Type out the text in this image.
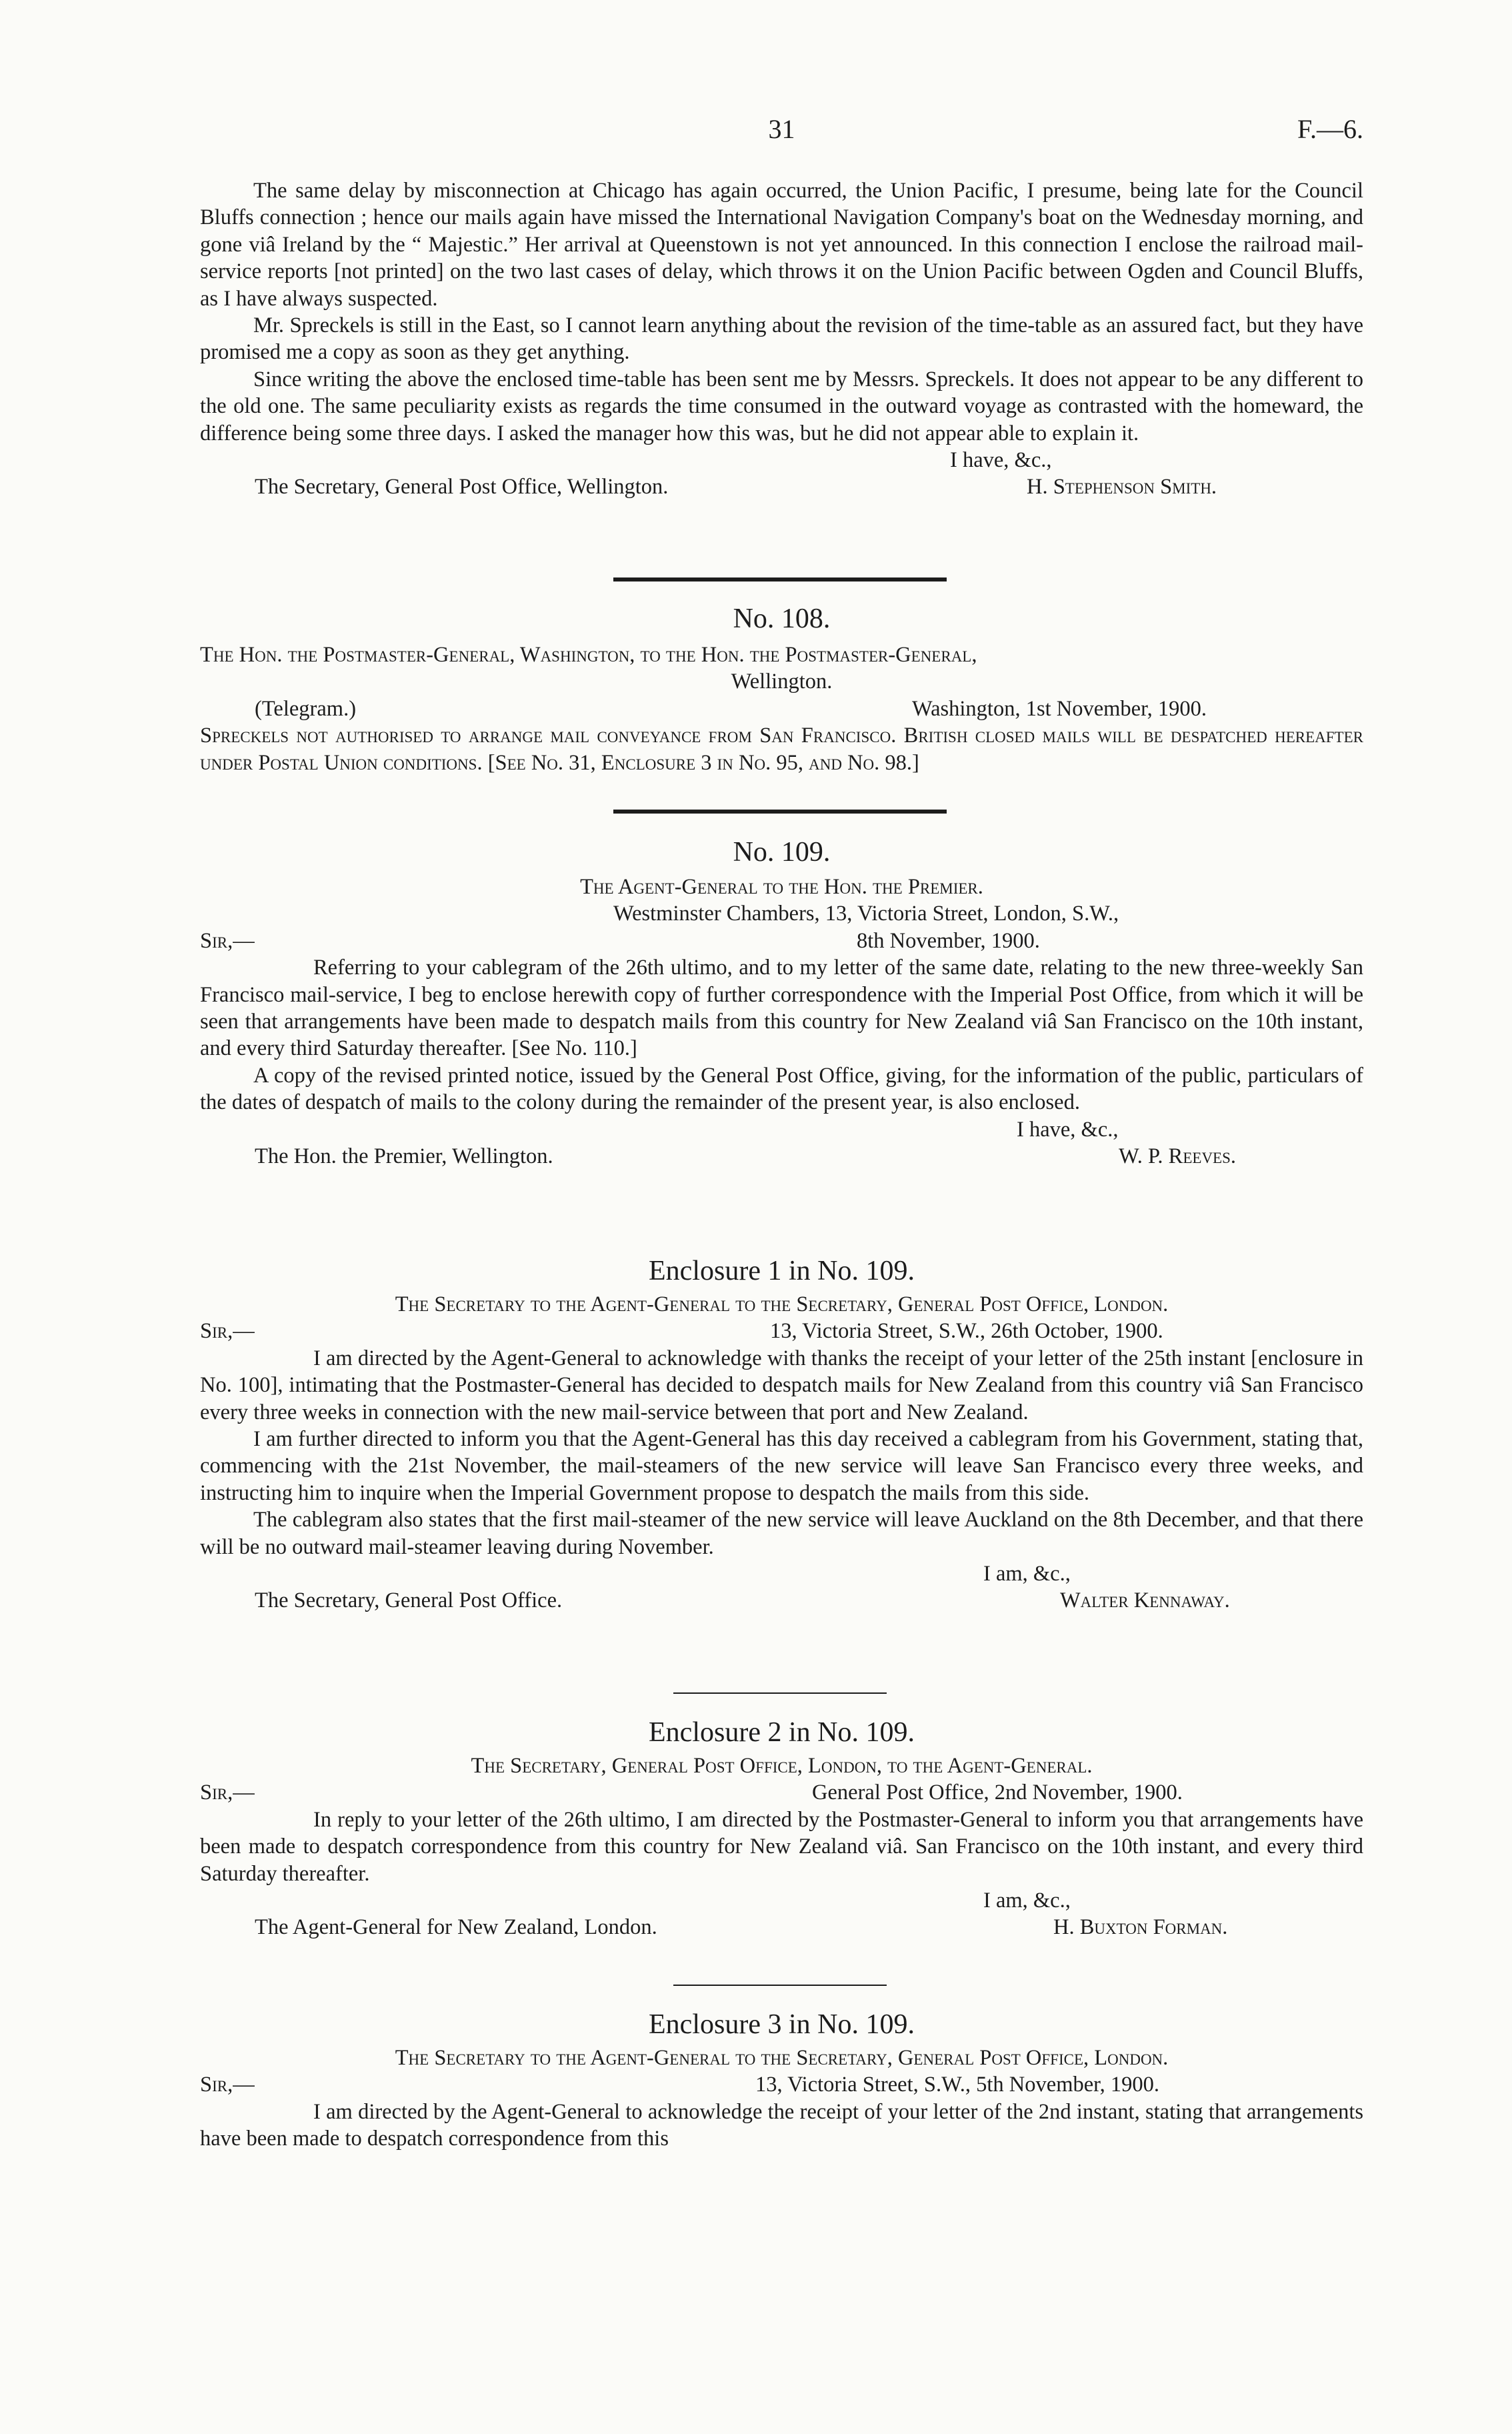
31	F.—6.

The same delay by misconnection at Chicago has again occurred, the Union Pacific, I presume, being late for the Council Bluffs connection ; hence our mails again have missed the International Navigation Company's boat on the Wednesday morning, and gone viâ Ireland by the “ Majestic.” Her arrival at Queenstown is not yet announced. In this connection I enclose the railroad mail-service reports [not printed] on the two last cases of delay, which throws it on the Union Pacific between Ogden and Council Bluffs, as I have always suspected.

Mr. Spreckels is still in the East, so I cannot learn anything about the revision of the time-table as an assured fact, but they have promised me a copy as soon as they get anything.

Since writing the above the enclosed time-table has been sent me by Messrs. Spreckels. It does not appear to be any different to the old one. The same peculiarity exists as regards the time consumed in the outward voyage as contrasted with the homeward, the difference being some three days. I asked the manager how this was, but he did not appear able to explain it.

I have, &c.,
The Secretary, General Post Office, Wellington.	H. Stephenson Smith.
No. 108.
The Hon. the Postmaster-General, Washington, to the Hon. the Postmaster-General,
Wellington.
(Telegram.)	Washington, 1st November, 1900.

Spreckels not authorised to arrange mail conveyance from San Francisco. British closed mails will be despatched hereafter under Postal Union conditions. [See No. 31, Enclosure 3 in No. 95, and No. 98.]

No. 109.
The Agent-General to the Hon. the Premier.
Westminster Chambers, 13, Victoria Street, London, S.W.,
Sir,—	8th November, 1900.

Referring to your cablegram of the 26th ultimo, and to my letter of the same date, relating to the new three-weekly San Francisco mail-service, I beg to enclose herewith copy of further correspondence with the Imperial Post Office, from which it will be seen that arrangements have been made to despatch mails from this country for New Zealand viâ San Francisco on the 10th instant, and every third Saturday thereafter. [See No. 110.]

A copy of the revised printed notice, issued by the General Post Office, giving, for the information of the public, particulars of the dates of despatch of mails to the colony during the remainder of the present year, is also enclosed.

I have, &c.,
The Hon. the Premier, Wellington.	W. P. Reeves.
Enclosure 1 in No. 109.
The Secretary to the Agent-General to the Secretary, General Post Office, London.
Sir,—	13, Victoria Street, S.W., 26th October, 1900.

I am directed by the Agent-General to acknowledge with thanks the receipt of your letter of the 25th instant [enclosure in No. 100], intimating that the Postmaster-General has decided to despatch mails for New Zealand from this country viâ San Francisco every three weeks in connection with the new mail-service between that port and New Zealand.

I am further directed to inform you that the Agent-General has this day received a cablegram from his Government, stating that, commencing with the 21st November, the mail-steamers of the new service will leave San Francisco every three weeks, and instructing him to inquire when the Imperial Government propose to despatch the mails from this side.

The cablegram also states that the first mail-steamer of the new service will leave Auckland on the 8th December, and that there will be no outward mail-steamer leaving during November.

I am, &c.,
The Secretary, General Post Office.	Walter Kennaway.
Enclosure 2 in No. 109.
The Secretary, General Post Office, London, to the Agent-General.
Sir,—	General Post Office, 2nd November, 1900.

In reply to your letter of the 26th ultimo, I am directed by the Postmaster-General to inform you that arrangements have been made to despatch correspondence from this country for New Zealand viâ. San Francisco on the 10th instant, and every third Saturday thereafter.

I am, &c.,
The Agent-General for New Zealand, London.	H. Buxton Forman.
Enclosure 3 in No. 109.
The Secretary to the Agent-General to the Secretary, General Post Office, London.
Sir,—	13, Victoria Street, S.W., 5th November, 1900.

I am directed by the Agent-General to acknowledge the receipt of your letter of the 2nd instant, stating that arrangements have been made to despatch correspondence from this
